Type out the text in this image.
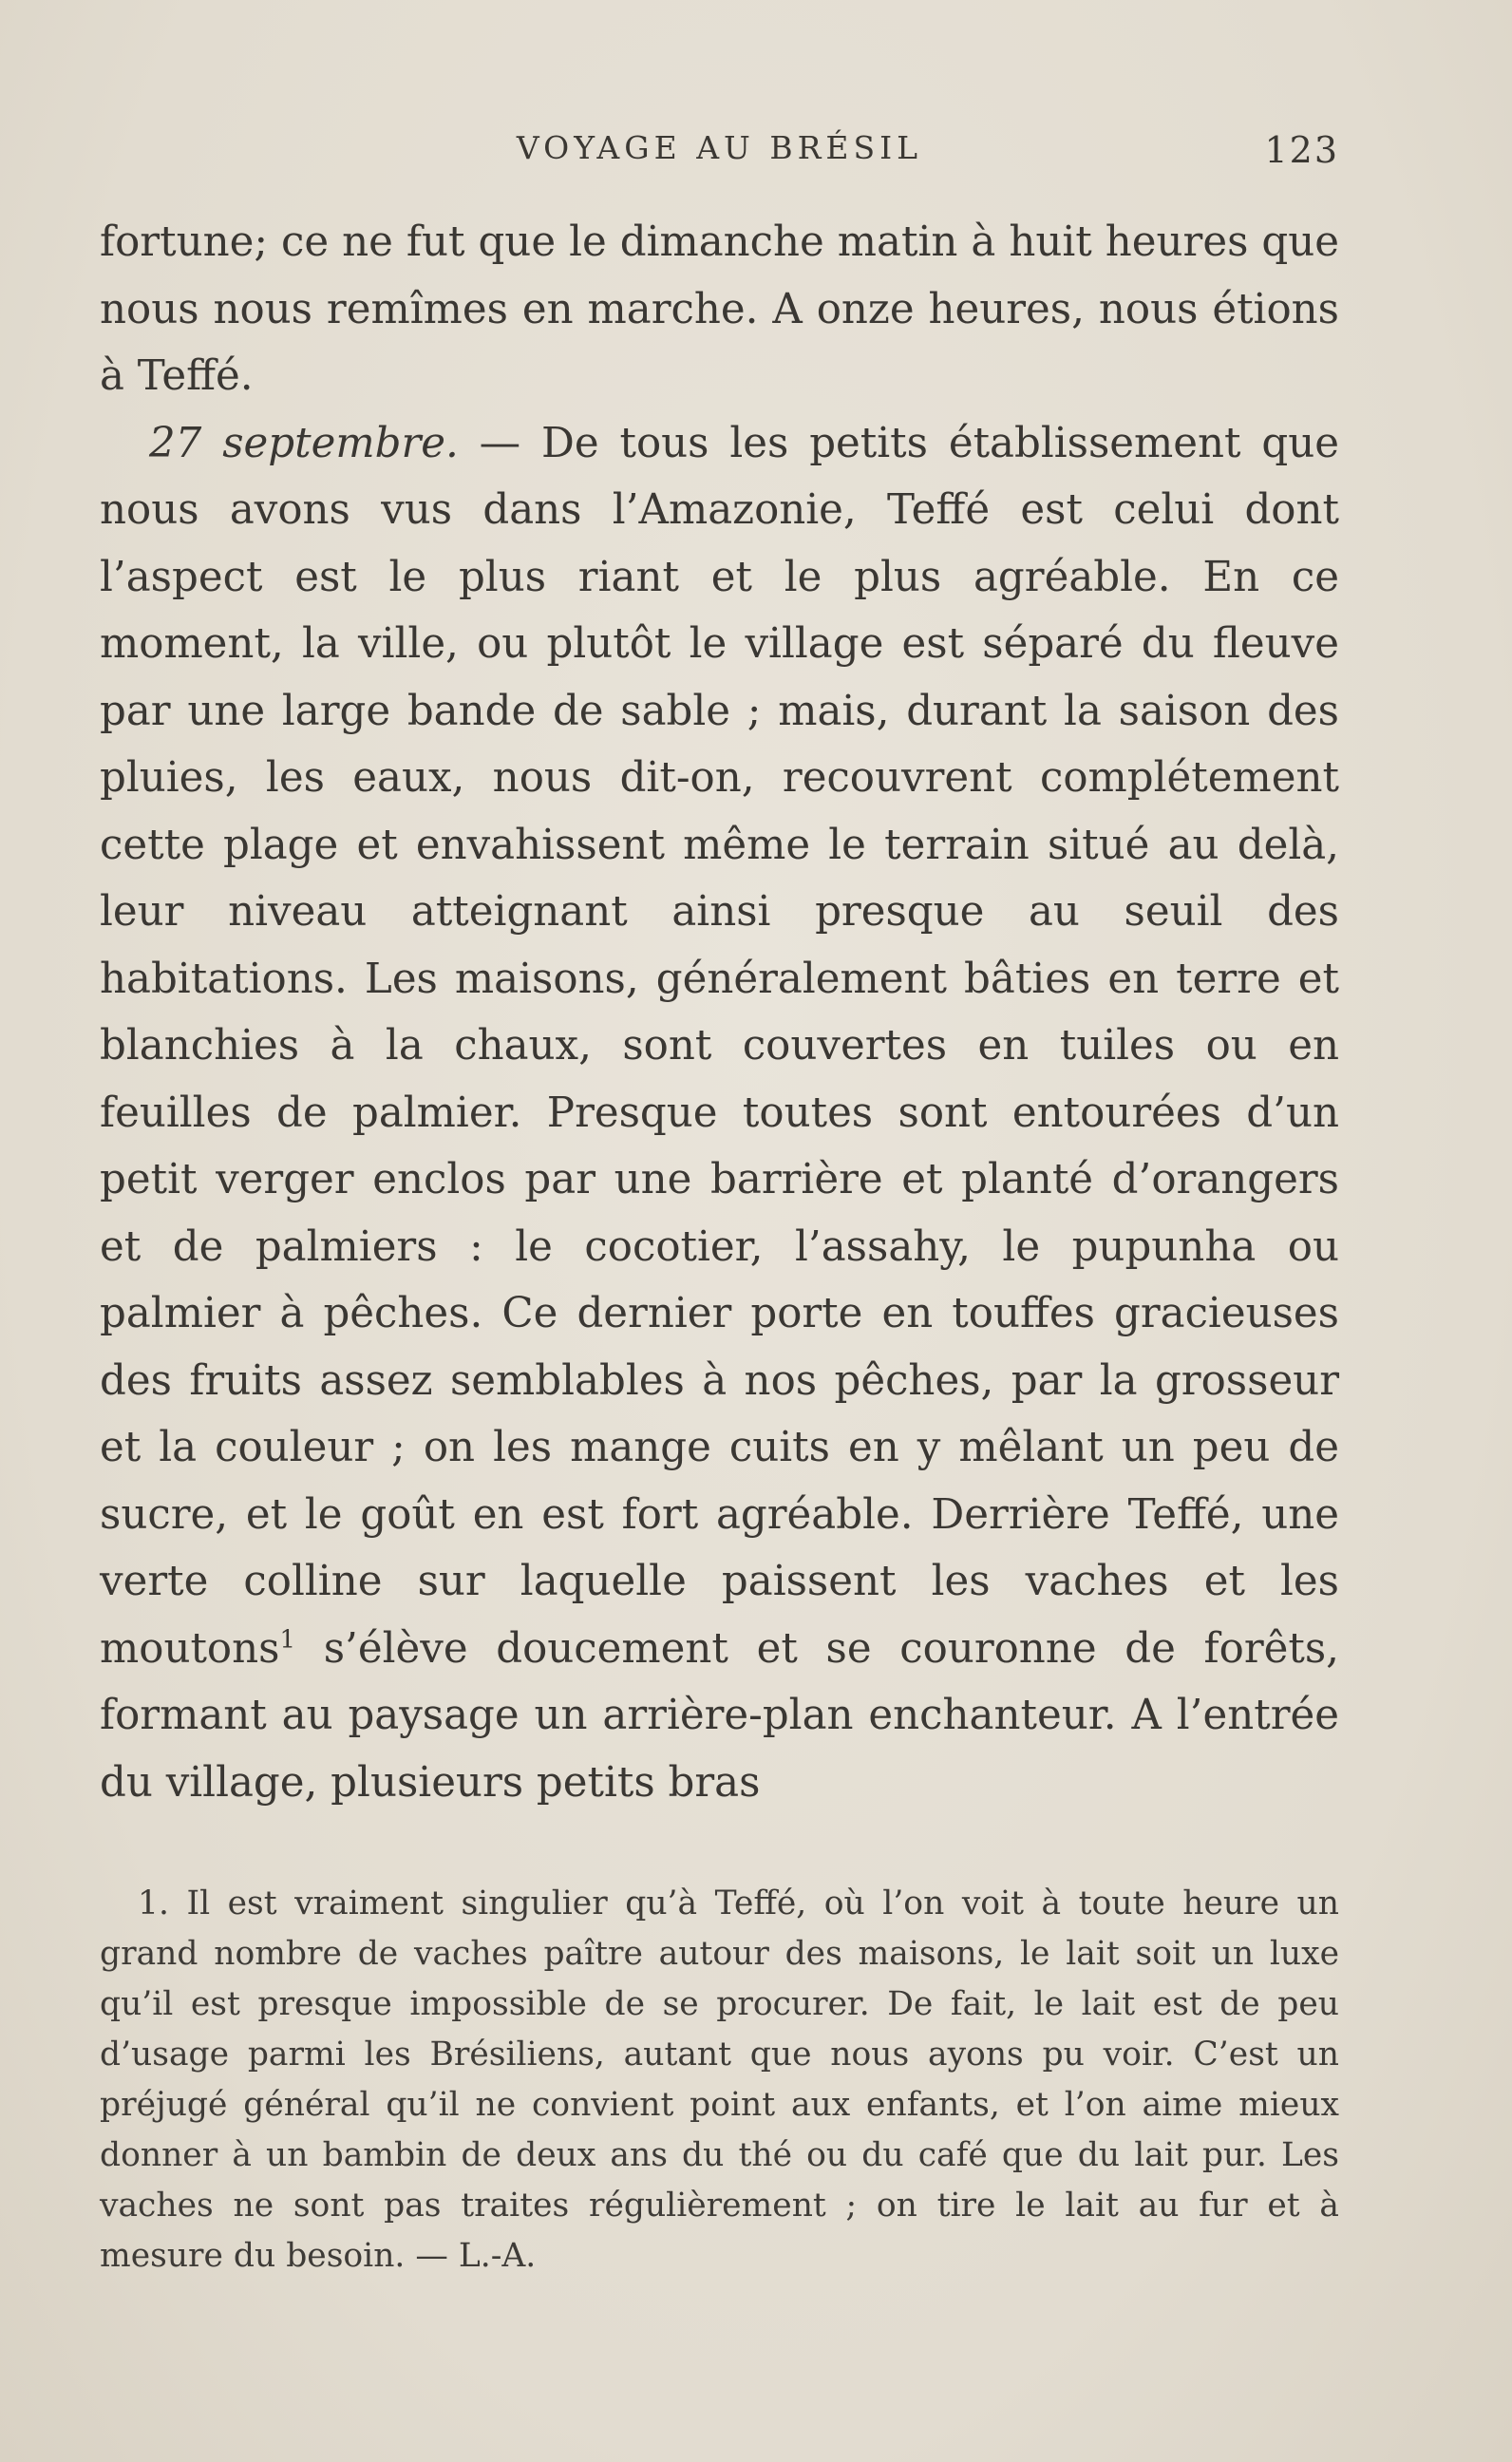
VOYAGE AU BRÉSIL	123

fortune; ce ne fut que le dimanche matin à huit heures que nous nous remîmes en marche. A onze heures, nous étions à Teffé.

27 septembre. — De tous les petits établissement que nous avons vus dans l’Amazonie, Teffé est celui dont l’aspect est le plus riant et le plus agréable. En ce moment, la ville, ou plutôt le village est séparé du fleuve par une large bande de sable ; mais, durant la saison des pluies, les eaux, nous dit-on, recouvrent complétement cette plage et envahissent même le terrain situé au delà, leur niveau atteignant ainsi presque au seuil des habitations. Les maisons, généralement bâties en terre et blanchies à la chaux, sont couvertes en tuiles ou en feuilles de palmier. Presque toutes sont entourées d’un petit verger enclos par une barrière et planté d’orangers et de palmiers : le cocotier, l’assahy, le pupunha ou palmier à pêches. Ce dernier porte en touffes gracieuses des fruits assez semblables à nos pêches, par la grosseur et la couleur ; on les mange cuits en y mêlant un peu de sucre, et le goût en est fort agréable. Derrière Teffé, une verte colline sur laquelle paissent les vaches et les moutons$^1$ s’élève doucement et se couronne de forêts, formant au paysage un arrière-plan enchanteur. A l’entrée du village, plusieurs petits bras

1. Il est vraiment singulier qu’à Teffé, où l’on voit à toute heure un grand nombre de vaches paître autour des maisons, le lait soit un luxe qu’il est presque impossible de se procurer. De fait, le lait est de peu d’usage parmi les Brésiliens, autant que nous ayons pu voir. C’est un préjugé général qu’il ne convient point aux enfants, et l’on aime mieux donner à un bambin de deux ans du thé ou du café que du lait pur. Les vaches ne sont pas traites régulièrement ; on tire le lait au fur et à mesure du besoin. — L.-A.
